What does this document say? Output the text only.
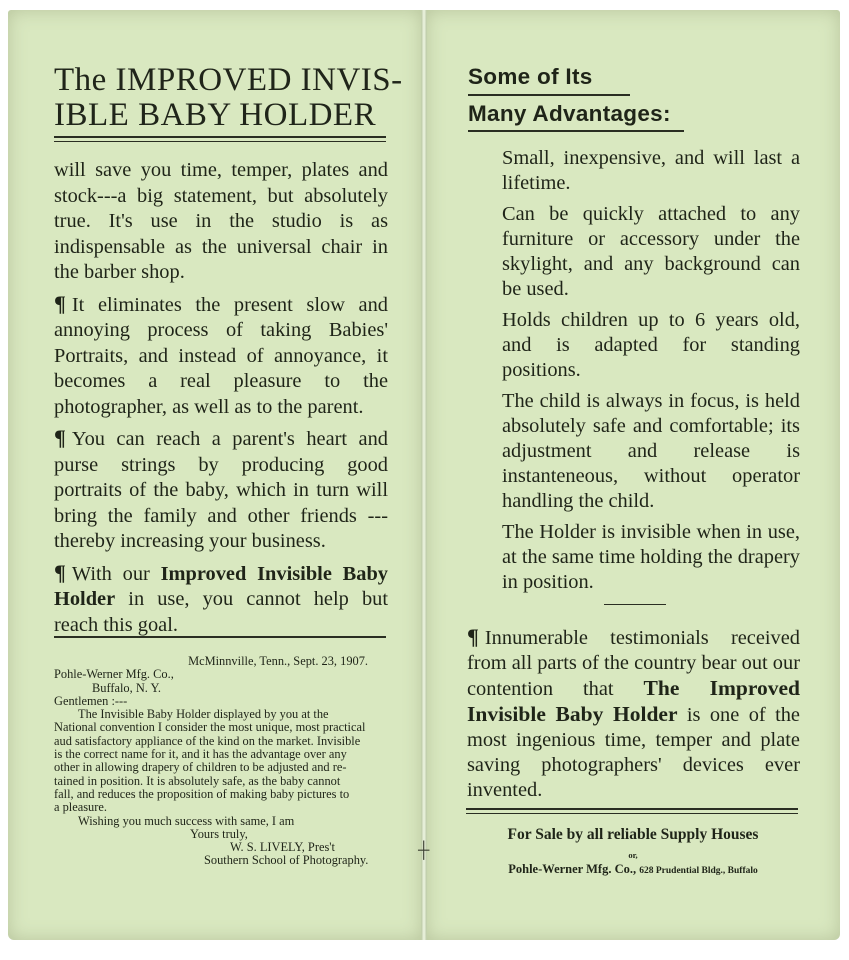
The IMPROVED INVIS-
IBLE BABY HOLDER

will save you time, temper, plates and stock---a big statement, but absolutely true. It's use in the studio is as indispensable as the universal chair in the barber shop.

¶ It eliminates the present slow and annoying process of taking Babies' Portraits, and instead of annoyance, it becomes a real pleasure to the photographer, as well as to the parent.

¶ You can reach a parent's heart and purse strings by producing good portraits of the baby, which in turn will bring the family and other friends ---thereby increasing your business.

¶ With our Improved Invisible Baby Holder in use, you cannot help but reach this goal.

McMinnville, Tenn., Sept. 23, 1907.
Pohle-Werner Mfg. Co.,
Buffalo, N. Y.
Gentlemen :---
The Invisible Baby Holder displayed by you at the
National convention I consider the most unique, most practical
aud satisfactory appliance of the kind on the market. Invisible
is the correct name for it, and it has the advantage over any
other in allowing drapery of children to be adjusted and re-
tained in position. It is absolutely safe, as the baby cannot
fall, and reduces the proposition of making baby pictures to
a pleasure.
Wishing you much success with same, I am
Yours truly,
W. S. LIVELY, Pres't
Southern School of Photography.
┼
Some of Its
Many Advantages:

Small, inexpensive, and will last a lifetime.

Can be quickly attached to any furniture or accessory under the skylight, and any background can be used.

Holds children up to 6 years old, and is adapted for standing positions.

The child is always in focus, is held absolutely safe and comfortable; its adjustment and release is instanteneous, without operator handling the child.

The Holder is invisible when in use, at the same time holding the drapery in position.

¶ Innumerable testimonials received from all parts of the country bear out our contention that The Improved Invisible Baby Holder is one of the most ingenious time, temper and plate saving photographers' devices ever invented.
For Sale by all reliable Supply Houses
or,
Pohle-Werner Mfg. Co., 628 Prudential Bldg., Buffalo
